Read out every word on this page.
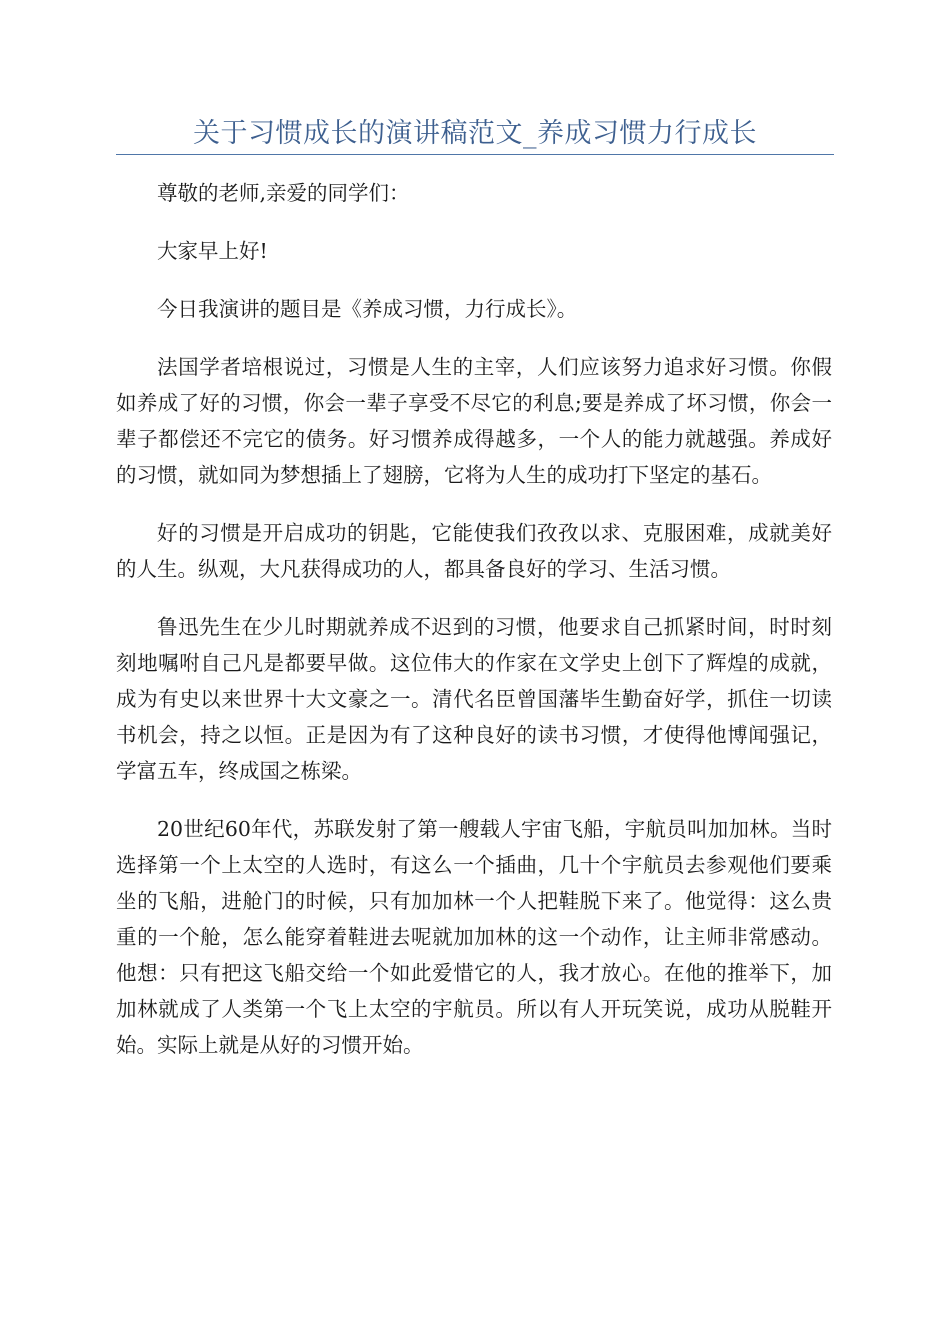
关于习惯成长的演讲稿范文_养成习惯力行成长

尊敬的老师,亲爱的同学们：

大家早上好!

今日我演讲的题目是《养成习惯，力行成长》。

法国学者培根说过，习惯是人生的主宰，人们应该努力追求好习惯。你假如养成了好的习惯，你会一辈子享受不尽它的利息;要是养成了坏习惯，你会一辈子都偿还不完它的债务。好习惯养成得越多，一个人的能力就越强。养成好的习惯，就如同为梦想插上了翅膀，它将为人生的成功打下坚定的基石。

好的习惯是开启成功的钥匙，它能使我们孜孜以求、克服困难，成就美好的人生。纵观，大凡获得成功的人，都具备良好的学习、生活习惯。

鲁迅先生在少儿时期就养成不迟到的习惯，他要求自己抓紧时间，时时刻刻地嘱咐自己凡是都要早做。这位伟大的作家在文学史上创下了辉煌的成就，成为有史以来世界十大文豪之一。清代名臣曾国藩毕生勤奋好学，抓住一切读书机会，持之以恒。正是因为有了这种良好的读书习惯，才使得他博闻强记，学富五车，终成国之栋梁。

20世纪60年代，苏联发射了第一艘载人宇宙飞船，宇航员叫加加林。当时选择第一个上太空的人选时，有这么一个插曲，几十个宇航员去参观他们要乘坐的飞船，进舱门的时候，只有加加林一个人把鞋脱下来了。他觉得：这么贵重的一个舱，怎么能穿着鞋进去呢就加加林的这一个动作，让主师非常感动。他想：只有把这飞船交给一个如此爱惜它的人，我才放心。在他的推举下，加加林就成了人类第一个飞上太空的宇航员。所以有人开玩笑说，成功从脱鞋开始。实际上就是从好的习惯开始。
